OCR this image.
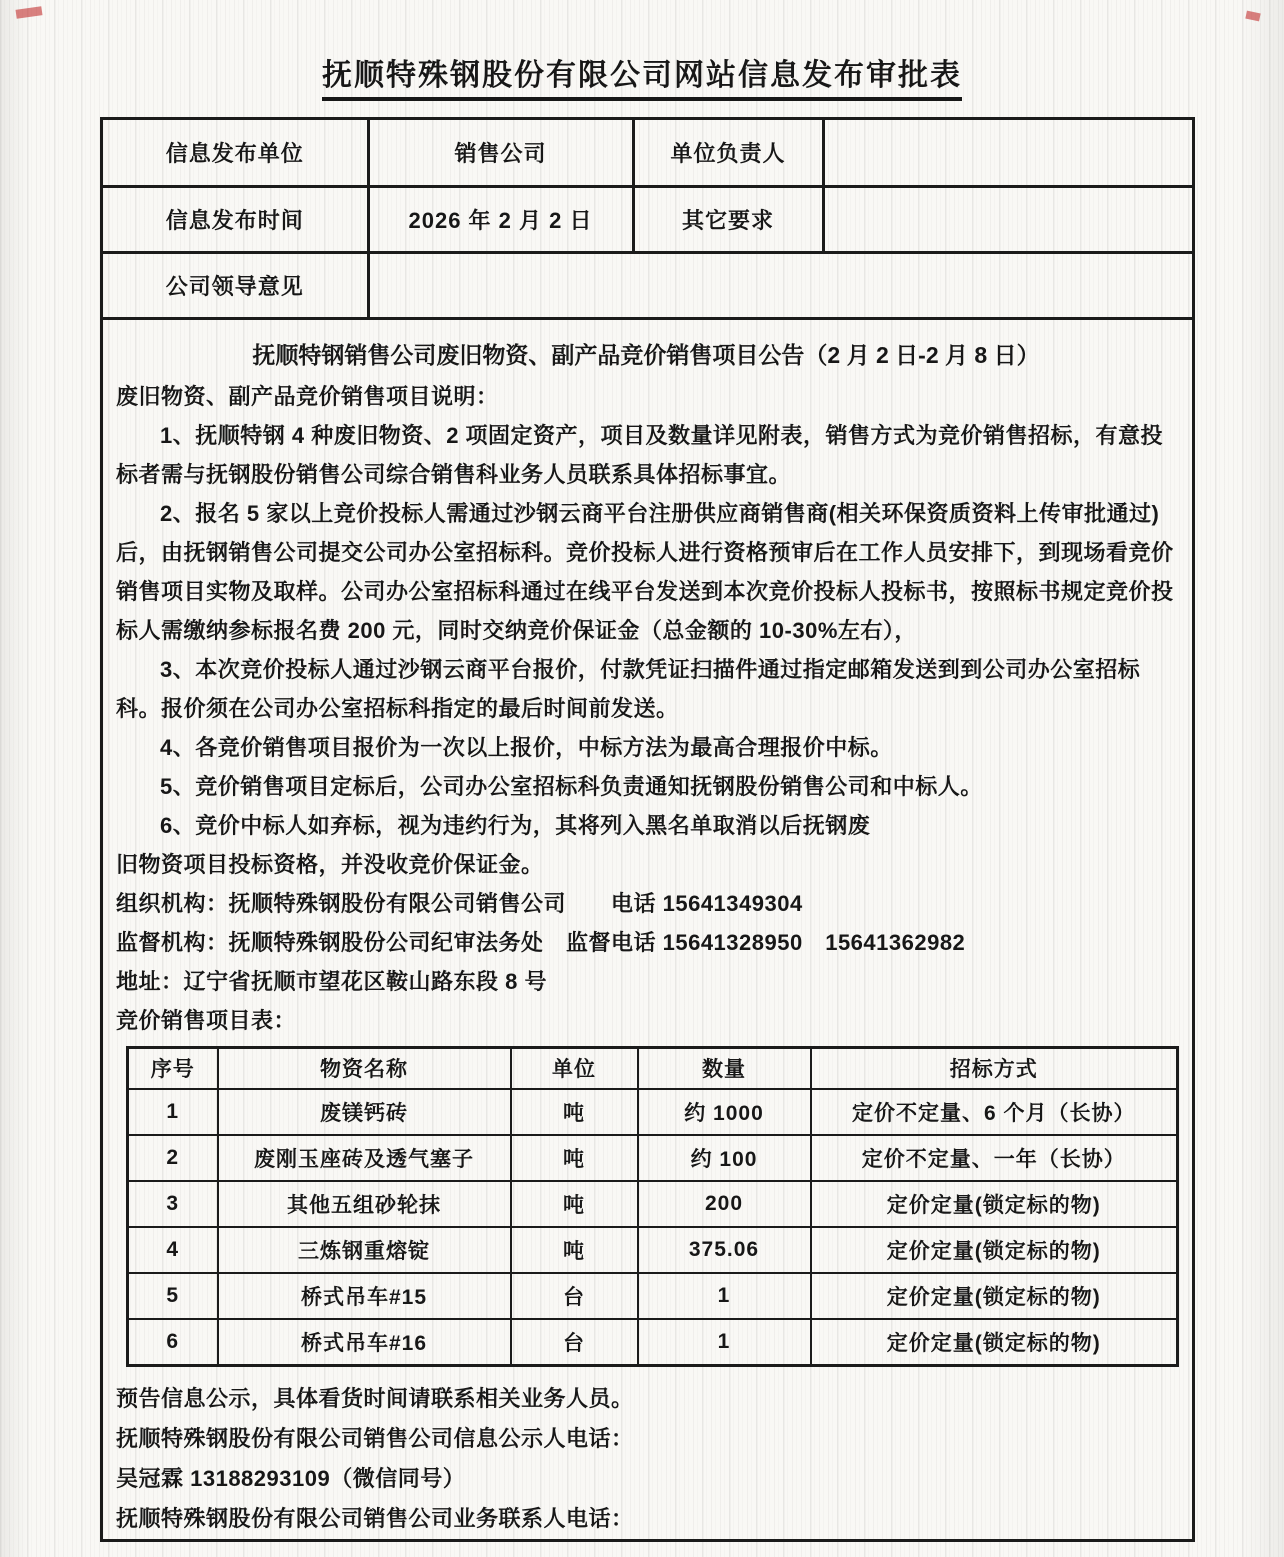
抚顺特殊钢股份有限公司网站信息发布审批表
信息发布单位	销售公司	单位负责人	
信息发布时间	2026 年 2 月 2 日	其它要求	
公司领导意见			
抚顺特钢销售公司废旧物资、副产品竞价销售项目公告（2 月 2 日-2 月 8 日）

废旧物资、副产品竞价销售项目说明：

1、抚顺特钢 4 种废旧物资、2 项固定资产，项目及数量详见附表，销售方式为竞价销售招标，有意投标者需与抚钢股份销售公司综合销售科业务人员联系具体招标事宜。

2、报名 5 家以上竞价投标人需通过沙钢云商平台注册供应商销售商(相关环保资质资料上传审批通过)后，由抚钢销售公司提交公司办公室招标科。竞价投标人进行资格预审后在工作人员安排下，到现场看竞价销售项目实物及取样。公司办公室招标科通过在线平台发送到本次竞价投标人投标书，按照标书规定竞价投标人需缴纳参标报名费 200 元，同时交纳竞价保证金（总金额的 10-30%左右），

3、本次竞价投标人通过沙钢云商平台报价，付款凭证扫描件通过指定邮箱发送到到公司办公室招标科。报价须在公司办公室招标科指定的最后时间前发送。

4、各竞价销售项目报价为一次以上报价，中标方法为最高合理报价中标。

5、竞价销售项目定标后，公司办公室招标科负责通知抚钢股份销售公司和中标人。

6、竞价中标人如弃标，视为违约行为，其将列入黑名单取消以后抚钢废

旧物资项目投标资格，并没收竞价保证金。

组织机构：抚顺特殊钢股份有限公司销售公司　　电话 15641349304

监督机构：抚顺特殊钢股份公司纪审法务处　监督电话 15641328950　15641362982

地址：辽宁省抚顺市望花区鞍山路东段 8 号

竞价销售项目表：

序号	物资名称	单位	数量	招标方式
1	废镁钙砖	吨	约 1000	定价不定量、6 个月（长协）
2	废刚玉座砖及透气塞子	吨	约 100	定价不定量、一年（长协）
3	其他五组砂轮抹	吨	200	定价定量(锁定标的物)
4	三炼钢重熔锭	吨	375.06	定价定量(锁定标的物)
5	桥式吊车#15	台	1	定价定量(锁定标的物)
6	桥式吊车#16	台	1	定价定量(锁定标的物)

预告信息公示，具体看货时间请联系相关业务人员。

抚顺特殊钢股份有限公司销售公司信息公示人电话：

吴冠霖 13188293109（微信同号）

抚顺特殊钢股份有限公司销售公司业务联系人电话：
